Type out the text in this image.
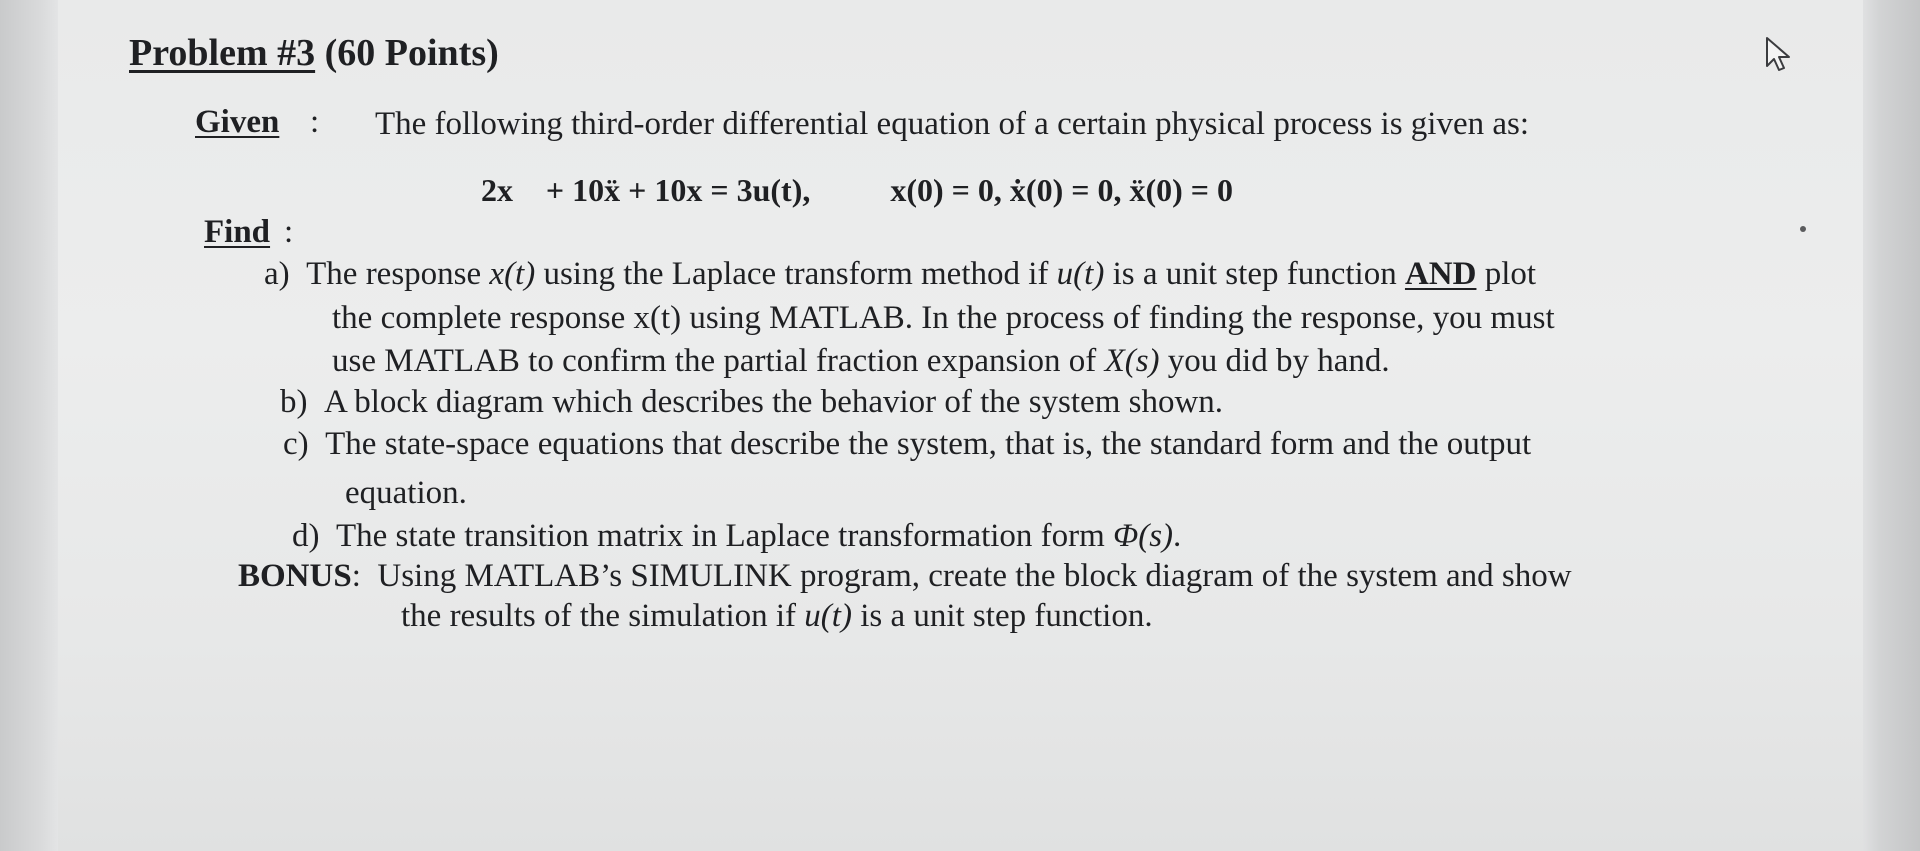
Problem #3 (60 Points)
Given : The following third-order differential equation of a certain physical process is given as:
2x⃛ + 10ẍ + 10x = 3u(t),	x(0) = 0, ẋ(0) = 0, ẍ(0) = 0
Find :
a) The response x(t) using the Laplace transform method if u(t) is a unit step function AND plot
the complete response x(t) using MATLAB. In the process of finding the response, you must
use MATLAB to confirm the partial fraction expansion of X(s) you did by hand.
b) A block diagram which describes the behavior of the system shown.
c) The state-space equations that describe the system, that is, the standard form and the output
equation.
d) The state transition matrix in Laplace transformation form Φ(s).
BONUS: Using MATLAB’s SIMULINK program, create the block diagram of the system and show
the results of the simulation if u(t) is a unit step function.
